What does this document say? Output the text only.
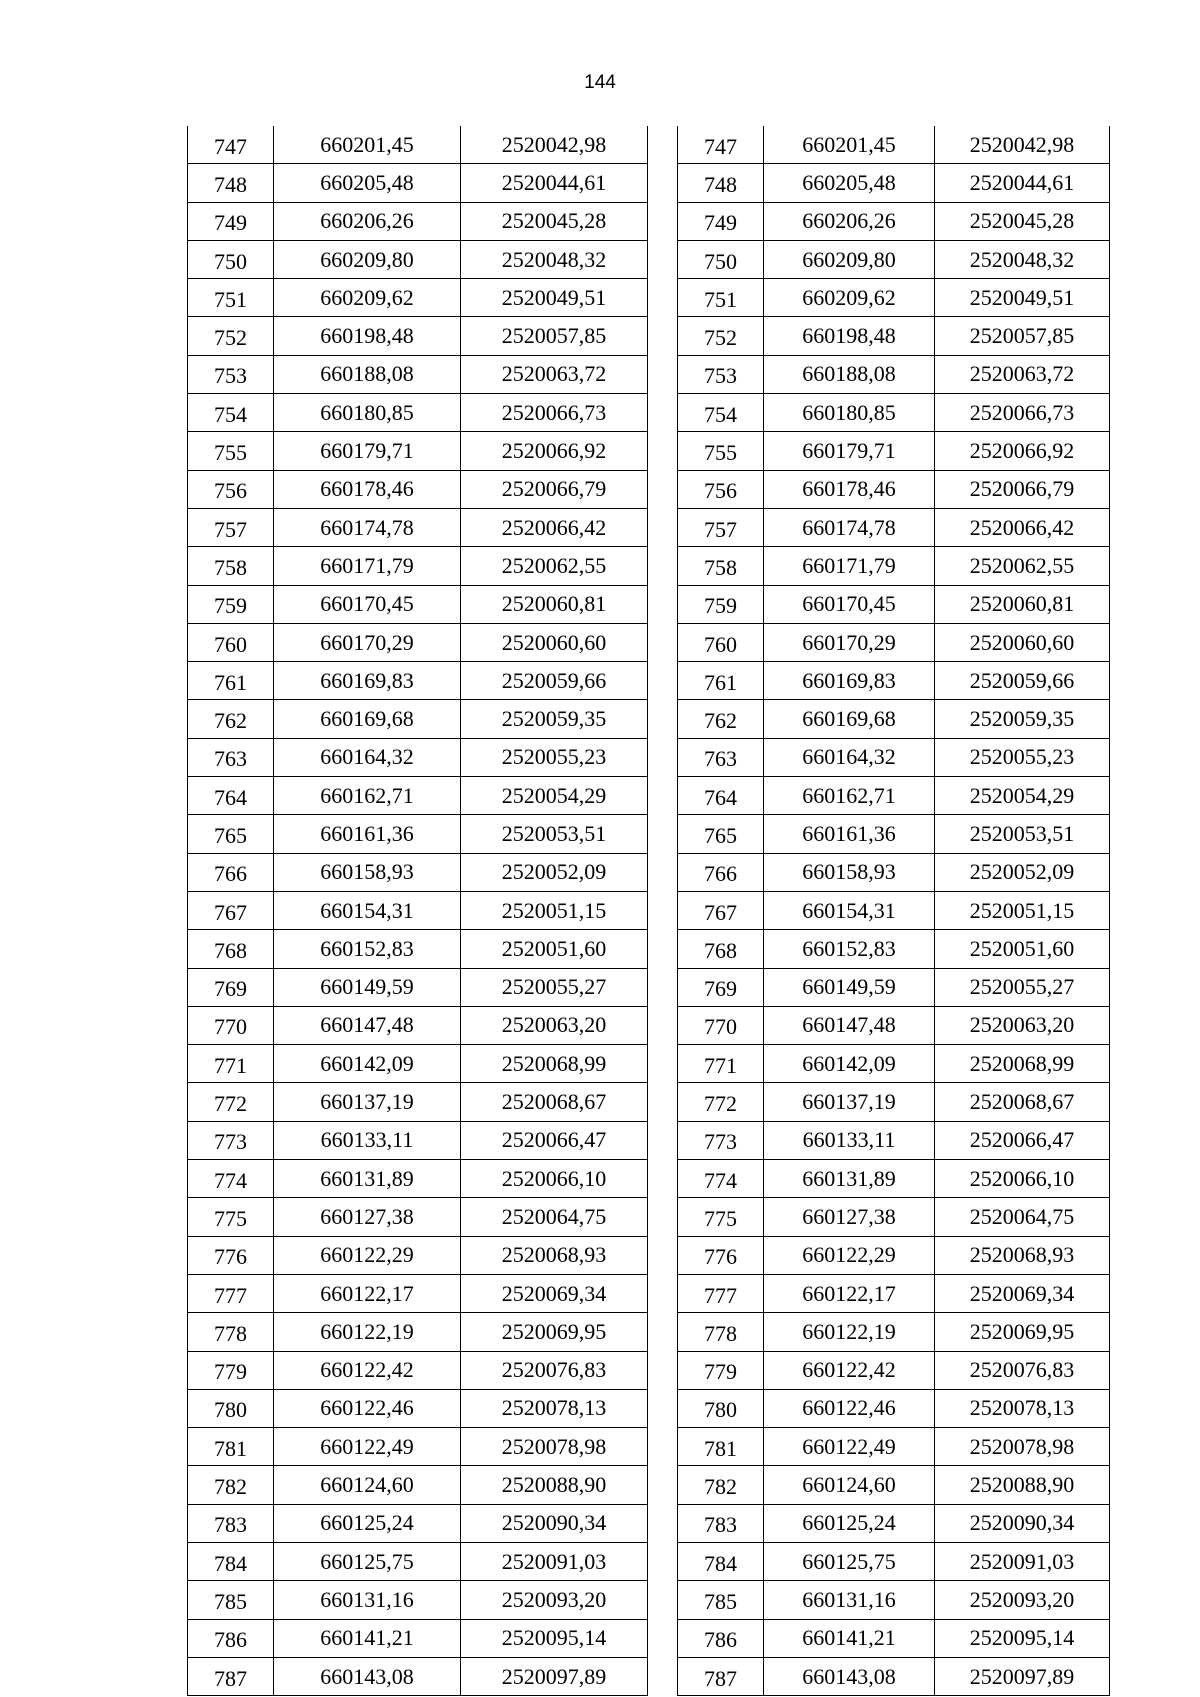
144
747	660201,45	2520042,98
748	660205,48	2520044,61
749	660206,26	2520045,28
750	660209,80	2520048,32
751	660209,62	2520049,51
752	660198,48	2520057,85
753	660188,08	2520063,72
754	660180,85	2520066,73
755	660179,71	2520066,92
756	660178,46	2520066,79
757	660174,78	2520066,42
758	660171,79	2520062,55
759	660170,45	2520060,81
760	660170,29	2520060,60
761	660169,83	2520059,66
762	660169,68	2520059,35
763	660164,32	2520055,23
764	660162,71	2520054,29
765	660161,36	2520053,51
766	660158,93	2520052,09
767	660154,31	2520051,15
768	660152,83	2520051,60
769	660149,59	2520055,27
770	660147,48	2520063,20
771	660142,09	2520068,99
772	660137,19	2520068,67
773	660133,11	2520066,47
774	660131,89	2520066,10
775	660127,38	2520064,75
776	660122,29	2520068,93
777	660122,17	2520069,34
778	660122,19	2520069,95
779	660122,42	2520076,83
780	660122,46	2520078,13
781	660122,49	2520078,98
782	660124,60	2520088,90
783	660125,24	2520090,34
784	660125,75	2520091,03
785	660131,16	2520093,20
786	660141,21	2520095,14
787	660143,08	2520097,89
747	660201,45	2520042,98
748	660205,48	2520044,61
749	660206,26	2520045,28
750	660209,80	2520048,32
751	660209,62	2520049,51
752	660198,48	2520057,85
753	660188,08	2520063,72
754	660180,85	2520066,73
755	660179,71	2520066,92
756	660178,46	2520066,79
757	660174,78	2520066,42
758	660171,79	2520062,55
759	660170,45	2520060,81
760	660170,29	2520060,60
761	660169,83	2520059,66
762	660169,68	2520059,35
763	660164,32	2520055,23
764	660162,71	2520054,29
765	660161,36	2520053,51
766	660158,93	2520052,09
767	660154,31	2520051,15
768	660152,83	2520051,60
769	660149,59	2520055,27
770	660147,48	2520063,20
771	660142,09	2520068,99
772	660137,19	2520068,67
773	660133,11	2520066,47
774	660131,89	2520066,10
775	660127,38	2520064,75
776	660122,29	2520068,93
777	660122,17	2520069,34
778	660122,19	2520069,95
779	660122,42	2520076,83
780	660122,46	2520078,13
781	660122,49	2520078,98
782	660124,60	2520088,90
783	660125,24	2520090,34
784	660125,75	2520091,03
785	660131,16	2520093,20
786	660141,21	2520095,14
787	660143,08	2520097,89
